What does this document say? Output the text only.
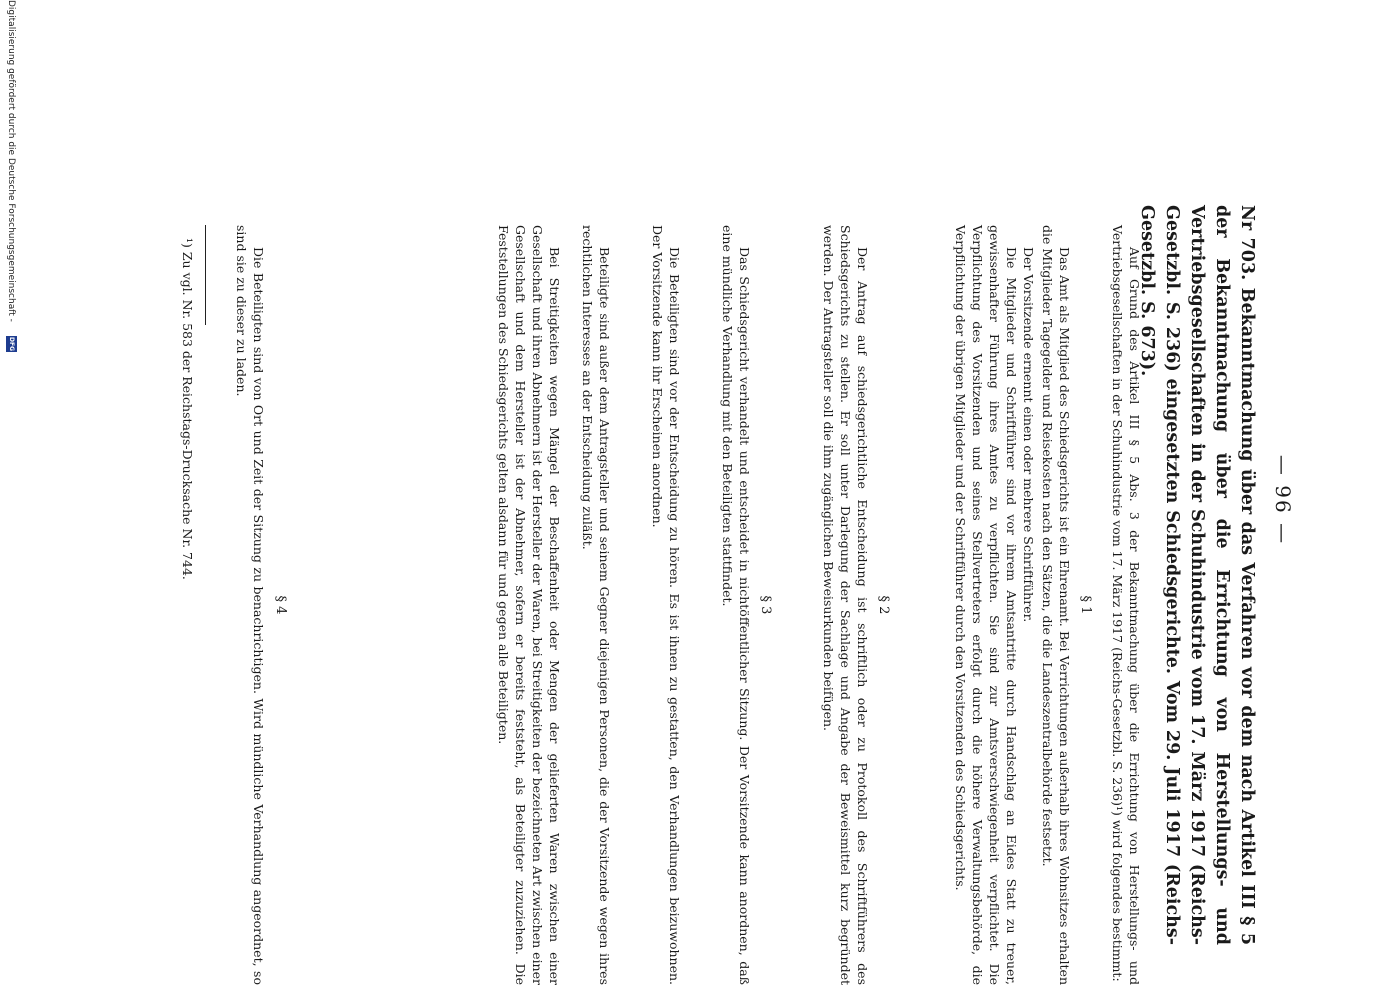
— 96 —
Nr 703. Bekanntmachung über das Verfahren vor dem nach Artikel III § 5 der Bekanntmachung über die Errichtung von Herstellungs- und Vertriebsgesellschaften in der Schuhindustrie vom 17. März 1917 (Reichs-Gesetzbl. S. 236) eingesetzten Schiedsgerichte. Vom 29. Juli 1917 (Reichs-Gesetzbl. S. 673).
Auf Grund des Artikel III § 5 Abs. 3 der Bekanntmachung über die Errichtung von Herstellungs- und Vertriebsgesellschaften in der Schuhindustrie vom 17. März 1917 (Reichs-Gesetzbl. S. 236)¹) wird folgendes bestimmt:
§ 1
Das Amt als Mitglied des Schiedsgerichts ist ein Ehrenamt. Bei Verrichtungen außerhalb ihres Wohnsitzes erhalten die Mitglieder Tagegelder und Reisekosten nach den Sätzen, die die Landeszentralbehörde festsetzt.
Der Vorsitzende ernennt einen oder mehrere Schriftführer.
Die Mitglieder und Schriftführer sind vor ihrem Amtsantritte durch Handschlag an Eides Statt zu treuer, gewissenhafter Führung ihres Amtes zu verpflichten. Sie sind zur Amtsverschwiegenheit verpflichtet. Die Verpflichtung des Vorsitzenden und seines Stellvertreters erfolgt durch die höhere Verwaltungsbehörde, die Verpflichtung der übrigen Mitglieder und der Schriftführer durch den Vorsitzenden des Schiedsgerichts.
§ 2
Der Antrag auf schiedsgerichtliche Entscheidung ist schriftlich oder zu Protokoll des Schriftführers des Schiedsgerichts zu stellen. Er soll unter Darlegung der Sachlage und Angabe der Beweismittel kurz begründet werden. Der Antragsteller soll die ihm zugänglichen Beweisurkunden beifügen.
§ 3
Das Schiedsgericht verhandelt und entscheidet in nichtöffentlicher Sitzung. Der Vorsitzende kann anordnen, daß eine mündliche Verhandlung mit den Beteiligten stattfindet.
Die Beteiligten sind vor der Entscheidung zu hören. Es ist ihnen zu gestatten, den Verhandlungen beizuwohnen. Der Vorsitzende kann ihr Erscheinen anordnen.
Beteiligte sind außer dem Antragsteller und seinem Gegner diejenigen Personen, die der Vorsitzende wegen ihres rechtlichen Interesses an der Entscheidung zuläßt.
Bei Streitigkeiten wegen Mängel der Beschaffenheit oder Mengen der gelieferten Waren zwischen einer Gesellschaft und ihren Abnehmern ist der Hersteller der Waren, bei Streitigkeiten der bezeichneten Art zwischen einer Gesellschaft und dem Hersteller ist der Abnehmer, sofern er bereits feststeht, als Beteiligter zuzuziehen. Die Feststellungen des Schiedsgerichts gelten alsdann für und gegen alle Beteiligten.
§ 4
Die Beteiligten sind von Ort und Zeit der Sitzung zu benachrichtigen. Wird mündliche Verhandlung angeordnet, so sind sie zu dieser zu laden.
¹) Zu vgl. Nr. 583 der Reichstags-Drucksache Nr. 744.
Digitalisierung gefördert durch die Deutsche Forschungsgemeinschaft -
DFG
